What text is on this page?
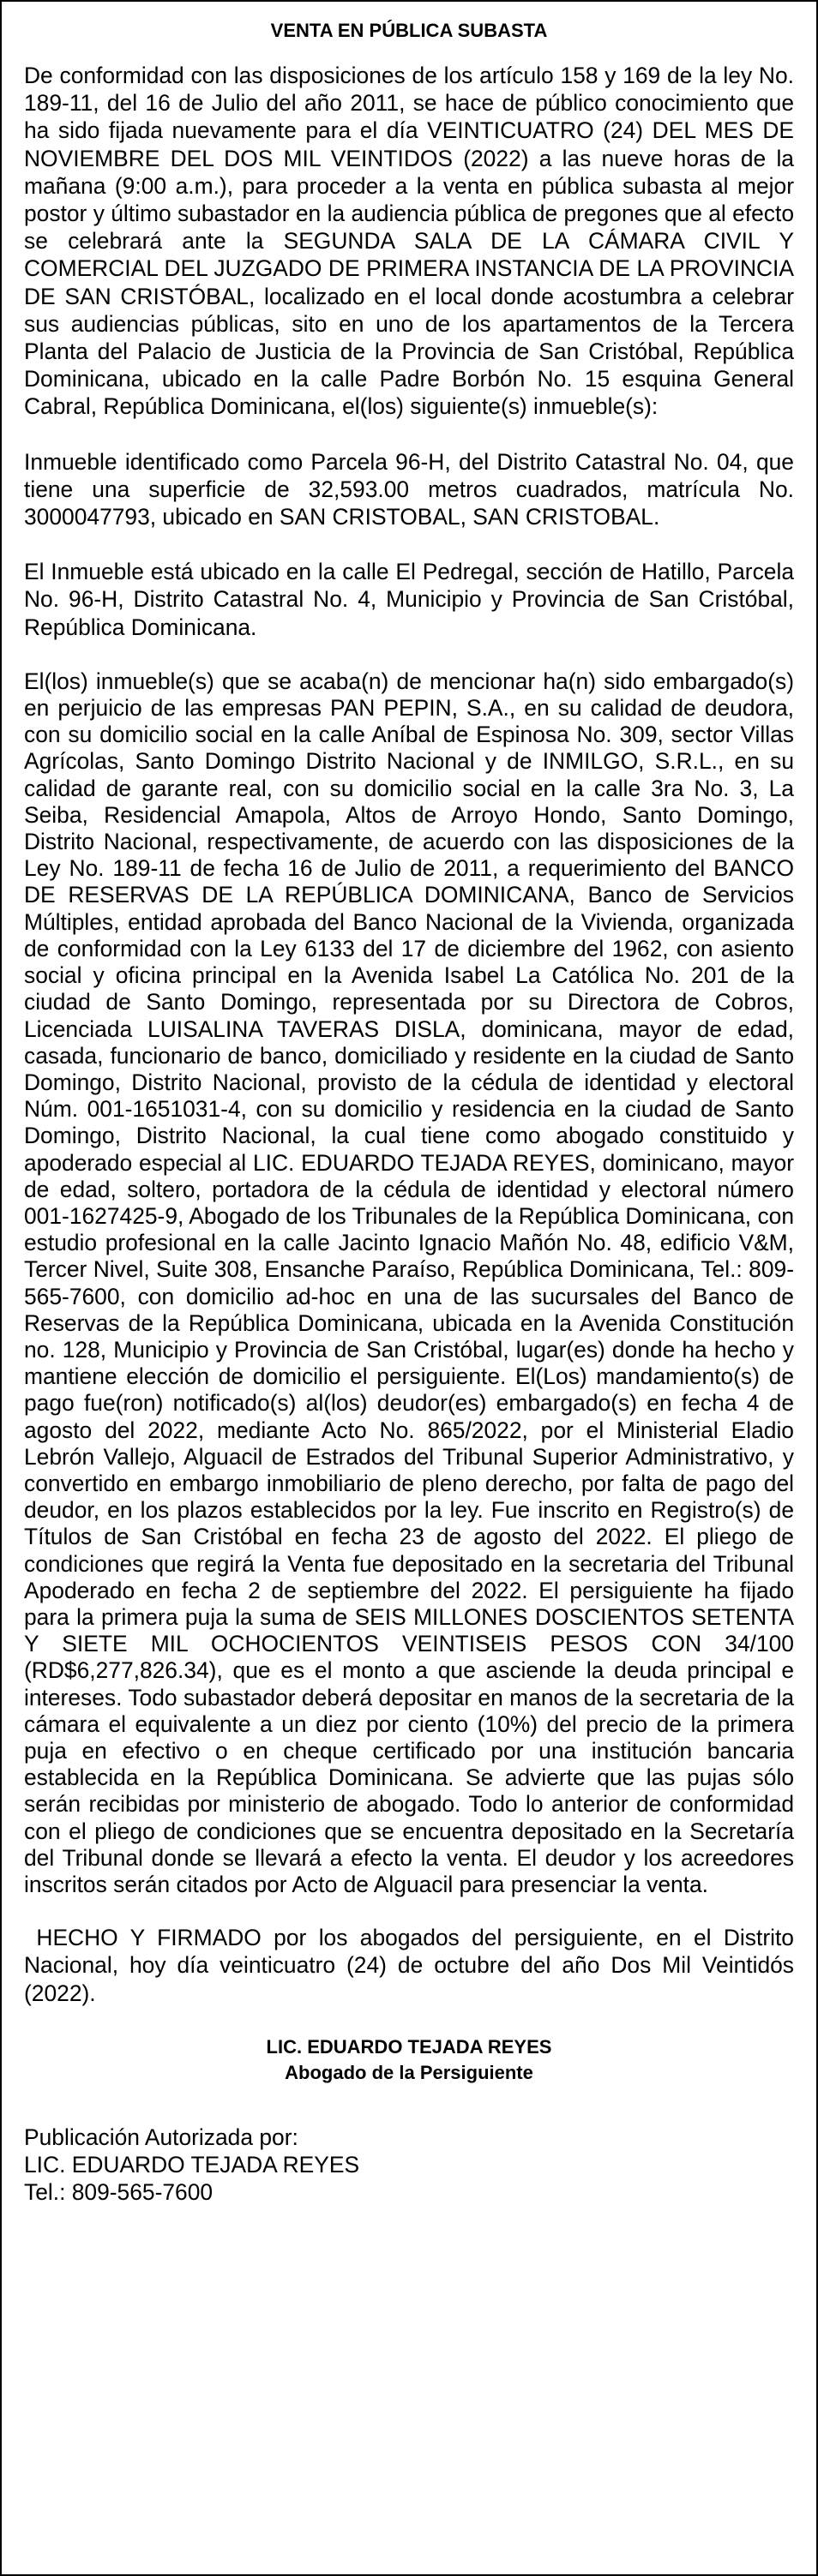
VENTA EN PÚBLICA SUBASTA

De conformidad con las disposiciones de los artículo 158 y 169 de la ley No. 189-11, del 16 de Julio del año 2011, se hace de público conocimiento que ha sido fijada nuevamente para el día VEINTICUATRO (24) DEL MES DE NOVIEMBRE DEL DOS MIL VEINTIDOS (2022) a las nueve horas de la mañana (9:00 a.m.), para proceder a la venta en pública subasta al mejor postor y último subastador en la audiencia pública de pregones que al efecto se celebrará ante la SEGUNDA SALA DE LA CÁMARA CIVIL Y COMERCIAL DEL JUZGADO DE PRIMERA INSTANCIA DE LA PROVINCIA DE SAN CRISTÓBAL, localizado en el local donde acostumbra a celebrar sus audiencias públicas, sito en uno de los apartamentos de la Tercera Planta del Palacio de Justicia de la Provincia de San Cristóbal, República Dominicana, ubicado en la calle Padre Borbón No. 15 esquina General Cabral, República Dominicana, el(los) siguiente(s) inmueble(s):

Inmueble identificado como Parcela 96-H, del Distrito Catastral No. 04, que tiene una superficie de 32,593.00 metros cuadrados, matrícula No. 3000047793, ubicado en SAN CRISTOBAL, SAN CRISTOBAL.

El Inmueble está ubicado en la calle El Pedregal, sección de Hatillo, Parcela No. 96-H, Distrito Catastral No. 4, Municipio y Provincia de San Cristóbal, República Dominicana.

El(los) inmueble(s) que se acaba(n) de mencionar ha(n) sido embargado(s) en perjuicio de las empresas PAN PEPIN, S.A., en su calidad de deudora, con su domicilio social en la calle Aníbal de Espinosa No. 309, sector Villas Agrícolas, Santo Domingo Distrito Nacional y de INMILGO, S.R.L., en su calidad de garante real, con su domicilio social en la calle 3ra No. 3, La Seiba, Residencial Amapola, Altos de Arroyo Hondo, Santo Domingo, Distrito Nacional, respectivamente, de acuerdo con las disposiciones de la Ley No. 189-11 de fecha 16 de Julio de 2011, a requerimiento del BANCO DE RESERVAS DE LA REPÚBLICA DOMINICANA, Banco de Servicios Múltiples, entidad aprobada del Banco Nacional de la Vivienda, organizada de conformidad con la Ley 6133 del 17 de diciembre del 1962, con asiento social y oficina principal en la Avenida Isabel La Católica No. 201 de la ciudad de Santo Domingo, representada por su Directora de Cobros, Licenciada LUISALINA TAVERAS DISLA, dominicana, mayor de edad, casada, funcionario de banco, domiciliado y residente en la ciudad de Santo Domingo, Distrito Nacional, provisto de la cédula de identidad y electoral Núm. 001-1651031-4, con su domicilio y residencia en la ciudad de Santo Domingo, Distrito Nacional, la cual tiene como abogado constituido y apoderado especial al LIC. EDUARDO TEJADA REYES, dominicano, mayor de edad, soltero, portadora de la cédula de identidad y electoral número 001-1627425-9, Abogado de los Tribunales de la República Dominicana, con estudio profesional en la calle Jacinto Ignacio Mañón No. 48, edificio V&M, Tercer Nivel, Suite 308, Ensanche Paraíso, República Dominicana, Tel.: 809-565-7600, con domicilio ad-hoc en una de las sucursales del Banco de Reservas de la República Dominicana, ubicada en la Avenida Constitución no. 128, Municipio y Provincia de San Cristóbal, lugar(es) donde ha hecho y mantiene elección de domicilio el persiguiente. El(Los) mandamiento(s) de pago fue(ron) notificado(s) al(los) deudor(es) embargado(s) en fecha 4 de agosto del 2022, mediante Acto No. 865/2022, por el Ministerial Eladio Lebrón Vallejo, Alguacil de Estrados del Tribunal Superior Administrativo, y convertido en embargo inmobiliario de pleno derecho, por falta de pago del deudor, en los plazos establecidos por la ley. Fue inscrito en Registro(s) de Títulos de San Cristóbal en fecha 23 de agosto del 2022. El pliego de condiciones que regirá la Venta fue depositado en la secretaria del Tribunal Apoderado en fecha 2 de septiembre del 2022. El persiguiente ha fijado para la primera puja la suma de SEIS MILLONES DOSCIENTOS SETENTA Y SIETE MIL OCHOCIENTOS VEINTISEIS PESOS CON 34/100 (RD$6,277,826.34), que es el monto a que asciende la deuda principal e intereses. Todo subastador deberá depositar en manos de la secretaria de la cámara el equivalente a un diez por ciento (10%) del precio de la primera puja en efectivo o en cheque certificado por una institución bancaria establecida en la República Dominicana. Se advierte que las pujas sólo serán recibidas por ministerio de abogado. Todo lo anterior de conformidad con el pliego de condiciones que se encuentra depositado en la Secretaría del Tribunal donde se llevará a efecto la venta. El deudor y los acreedores inscritos serán citados por Acto de Alguacil para presenciar la venta.

HECHO Y FIRMADO por los abogados del persiguiente, en el Distrito Nacional, hoy día veinticuatro (24) de octubre del año Dos Mil Veintidós (2022).

LIC. EDUARDO TEJADA REYES

Abogado de la Persiguiente

Publicación Autorizada por:

LIC. EDUARDO TEJADA REYES

Tel.: 809-565-7600
